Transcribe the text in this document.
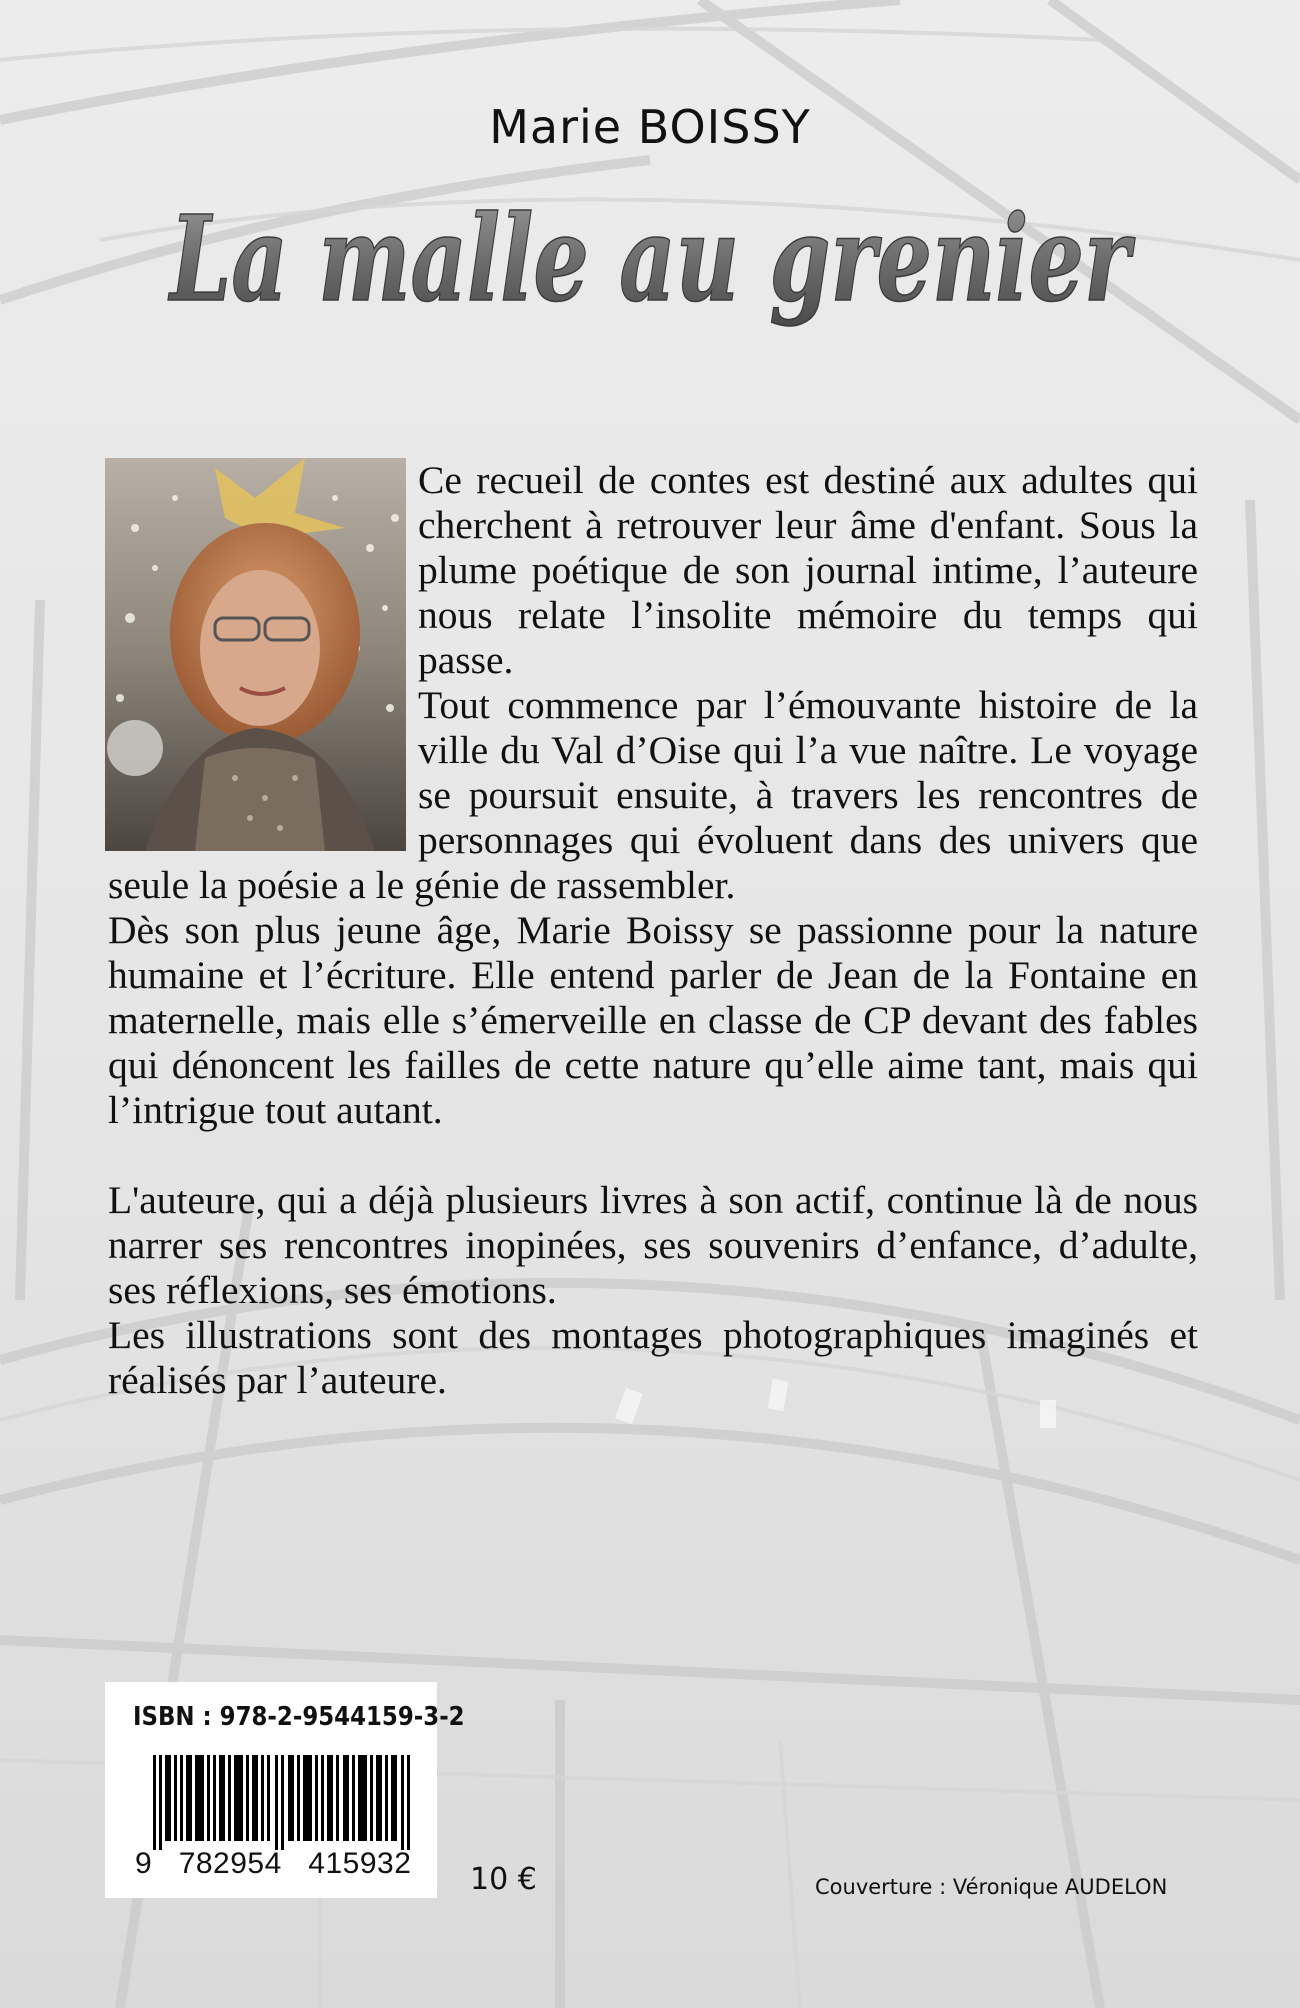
Marie BOISSY
La malle au grenier

Ce recueil de contes est destiné aux adultes qui cherchent à retrouver leur âme d'enfant. Sous la plume poétique de son journal intime, l’auteure nous relate l’insolite mémoire du temps qui passe.

Tout commence par l’émouvante histoire de la ville du Val d’Oise qui l’a vue naître. Le voyage se poursuit ensuite, à travers les rencontres de personnages qui évoluent dans des univers que seule la poésie a le génie de rassembler.

Dès son plus jeune âge, Marie Boissy se passionne pour la nature humaine et l’écriture. Elle entend parler de Jean de la Fontaine en maternelle, mais elle s’émerveille en classe de CP devant des fables qui dénoncent les failles de cette nature qu’elle aime tant, mais qui l’intrigue tout autant.

L'auteure, qui a déjà plusieurs livres à son actif, continue là de nous narrer ses rencontres inopinées, ses souvenirs d’enfance, d’adulte, ses réflexions, ses émotions.

Les illustrations sont des montages photographiques imaginés et réalisés par l’auteure.

ISBN : 978-2-9544159-3-2
9   782954   415932 10 €	Couverture : Véronique AUDELON
